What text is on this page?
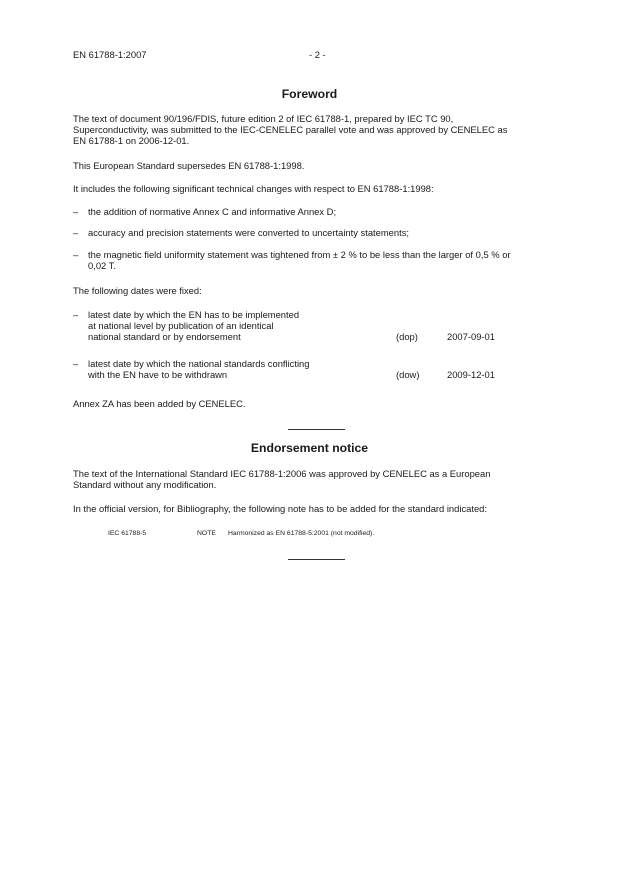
EN 61788-1:2007	- 2 -
Foreword

The text of document 90/196/FDIS, future edition 2 of IEC 61788-1, prepared by IEC TC 90,
Superconductivity, was submitted to the IEC-CENELEC parallel vote and was approved by CENELEC as
EN 61788-1 on 2006-12-01.

This European Standard supersedes EN 61788-1:1998.

It includes the following significant technical changes with respect to EN 61788-1:1998:

– the addition of normative Annex C and informative Annex D;
– accuracy and precision statements were converted to uncertainty statements;
– the magnetic field uniformity statement was tightened from ± 2 % to be less than the larger of 0,5 % or
0,02 T.

The following dates were fixed:

– latest date by which the EN has to be implemented
at national level by publication of an identical
national standard or by endorsement	(dop)	2007-09-01
– latest date by which the national standards conflicting
with the EN have to be withdrawn	(dow)	2009-12-01

Annex ZA has been added by CENELEC.

Endorsement notice

The text of the International Standard IEC 61788-1:2006 was approved by CENELEC as a European
Standard without any modification.

In the official version, for Bibliography, the following note has to be added for the standard indicated:

IEC 61788-5	NOTE Harmonized as EN 61788-5:2001 (not modified).
